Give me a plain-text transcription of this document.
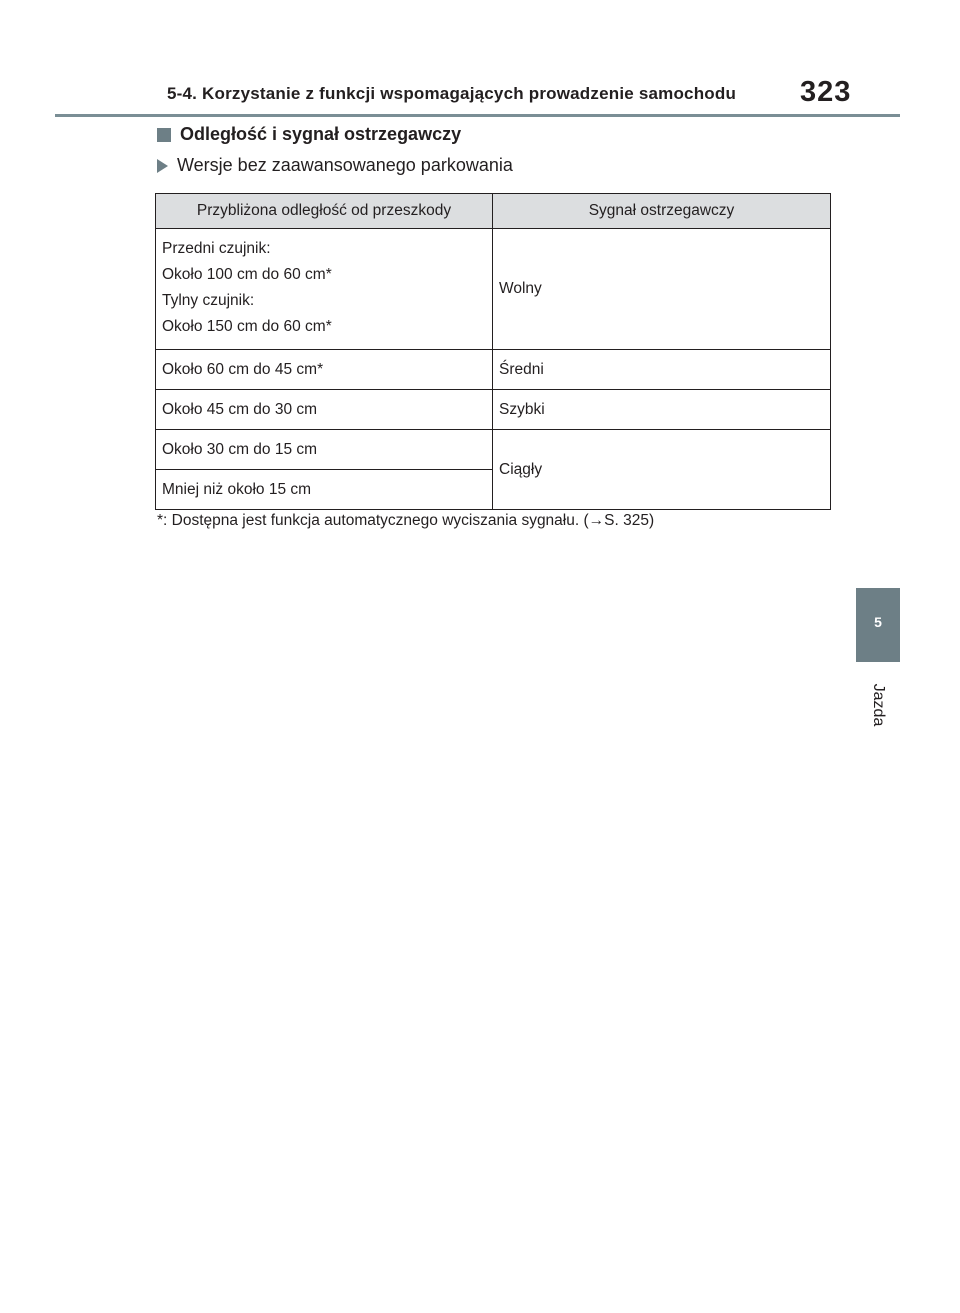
5-4. Korzystanie z funkcji wspomagających prowadzenie samochodu 323
5
Jazda
Odległość i sygnał ostrzegawczy
Wersje bez zaawansowanego parkowania
Przybliżona odległość od przeszkody	Sygnał ostrzegawczy

Przedni czujnik:
Około 100 cm do 60 cm*
Tylny czujnik:
Około 150 cm do 60 cm*	Wolny
Około 60 cm do 45 cm*	Średni
Około 45 cm do 30 cm	Szybki
Około 30 cm do 15 cm	Ciągły
Mniej niż około 15 cm	
*: Dostępna jest funkcja automatycznego wyciszania sygnału. (→S. 325)
